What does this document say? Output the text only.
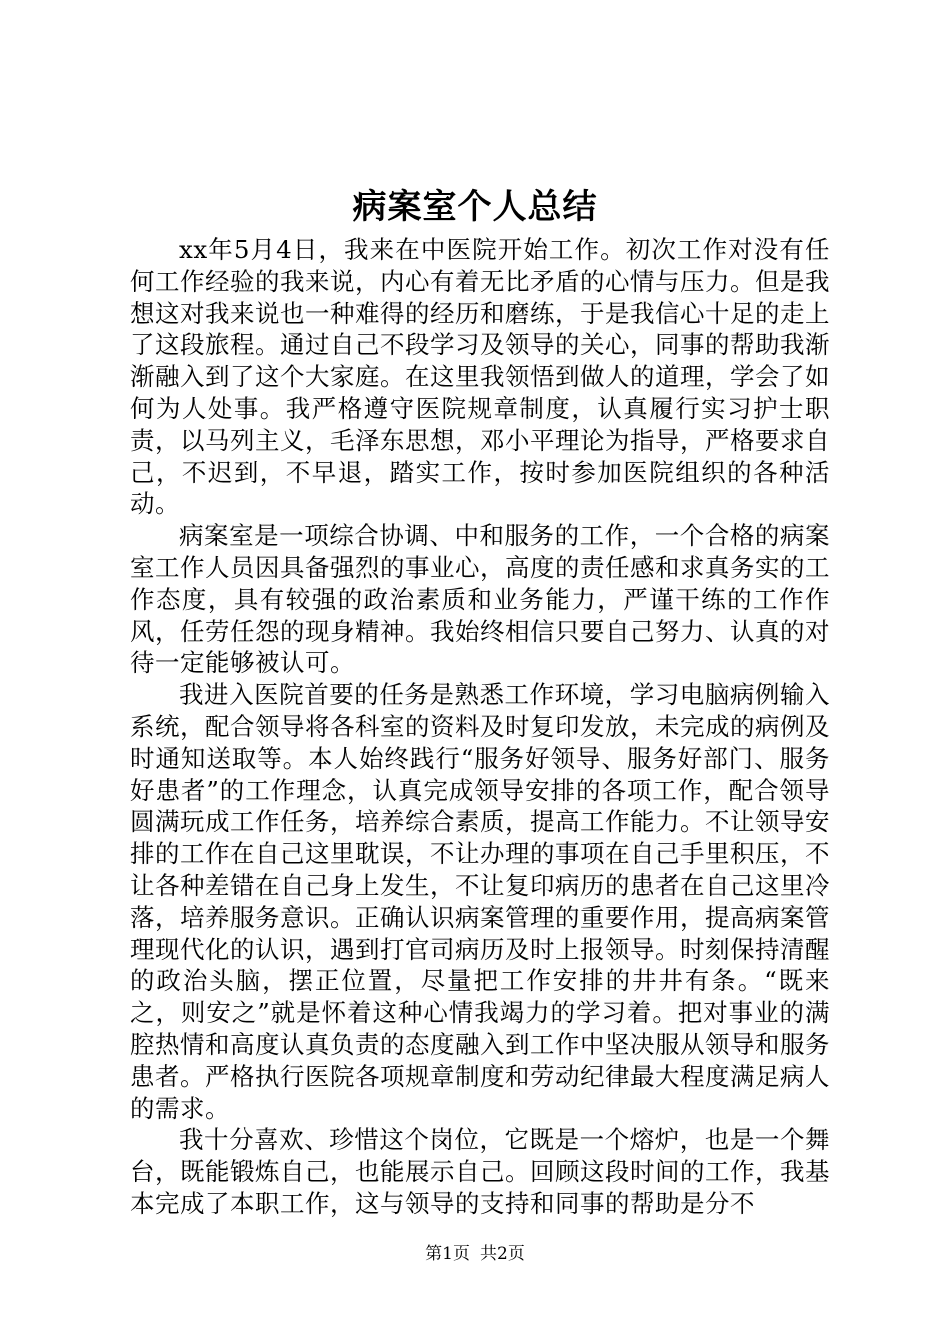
病案室个人总结

xx年5月4日，我来在中医院开始工作。初次工作对没有任何工作经验的我来说，内心有着无比矛盾的心情与压力。但是我想这对我来说也一种难得的经历和磨练，于是我信心十足的走上了这段旅程。通过自己不段学习及领导的关心，同事的帮助我渐渐融入到了这个大家庭。在这里我领悟到做人的道理，学会了如何为人处事。我严格遵守医院规章制度，认真履行实习护士职责，以马列主义，毛泽东思想，邓小平理论为指导，严格要求自己，不迟到，不早退，踏实工作，按时参加医院组织的各种活动。

病案室是一项综合协调、中和服务的工作，一个合格的病案室工作人员因具备强烈的事业心，高度的责任感和求真务实的工作态度，具有较强的政治素质和业务能力，严谨干练的工作作风，任劳任怨的现身精神。我始终相信只要自己努力、认真的对待一定能够被认可。

我进入医院首要的任务是熟悉工作环境，学习电脑病例输入系统，配合领导将各科室的资料及时复印发放，未完成的病例及时通知送取等。本人始终践行“服务好领导、服务好部门、服务好患者”的工作理念，认真完成领导安排的各项工作，配合领导圆满玩成工作任务，培养综合素质，提高工作能力。不让领导安排的工作在自己这里耽误，不让办理的事项在自己手里积压，不让各种差错在自己身上发生，不让复印病历的患者在自己这里冷落，培养服务意识。正确认识病案管理的重要作用，提高病案管理现代化的认识，遇到打官司病历及时上报领导。时刻保持清醒的政治头脑，摆正位置，尽量把工作安排的井井有条。“既来之，则安之”就是怀着这种心情我竭力的学习着。把对事业的满腔热情和高度认真负责的态度融入到工作中坚决服从领导和服务患者。严格执行医院各项规章制度和劳动纪律最大程度满足病人的需求。

我十分喜欢、珍惜这个岗位，它既是一个熔炉，也是一个舞台，既能锻炼自己，也能展示自己。回顾这段时间的工作，我基本完成了本职工作，这与领导的支持和同事的帮助是分不

第1页 共2页
